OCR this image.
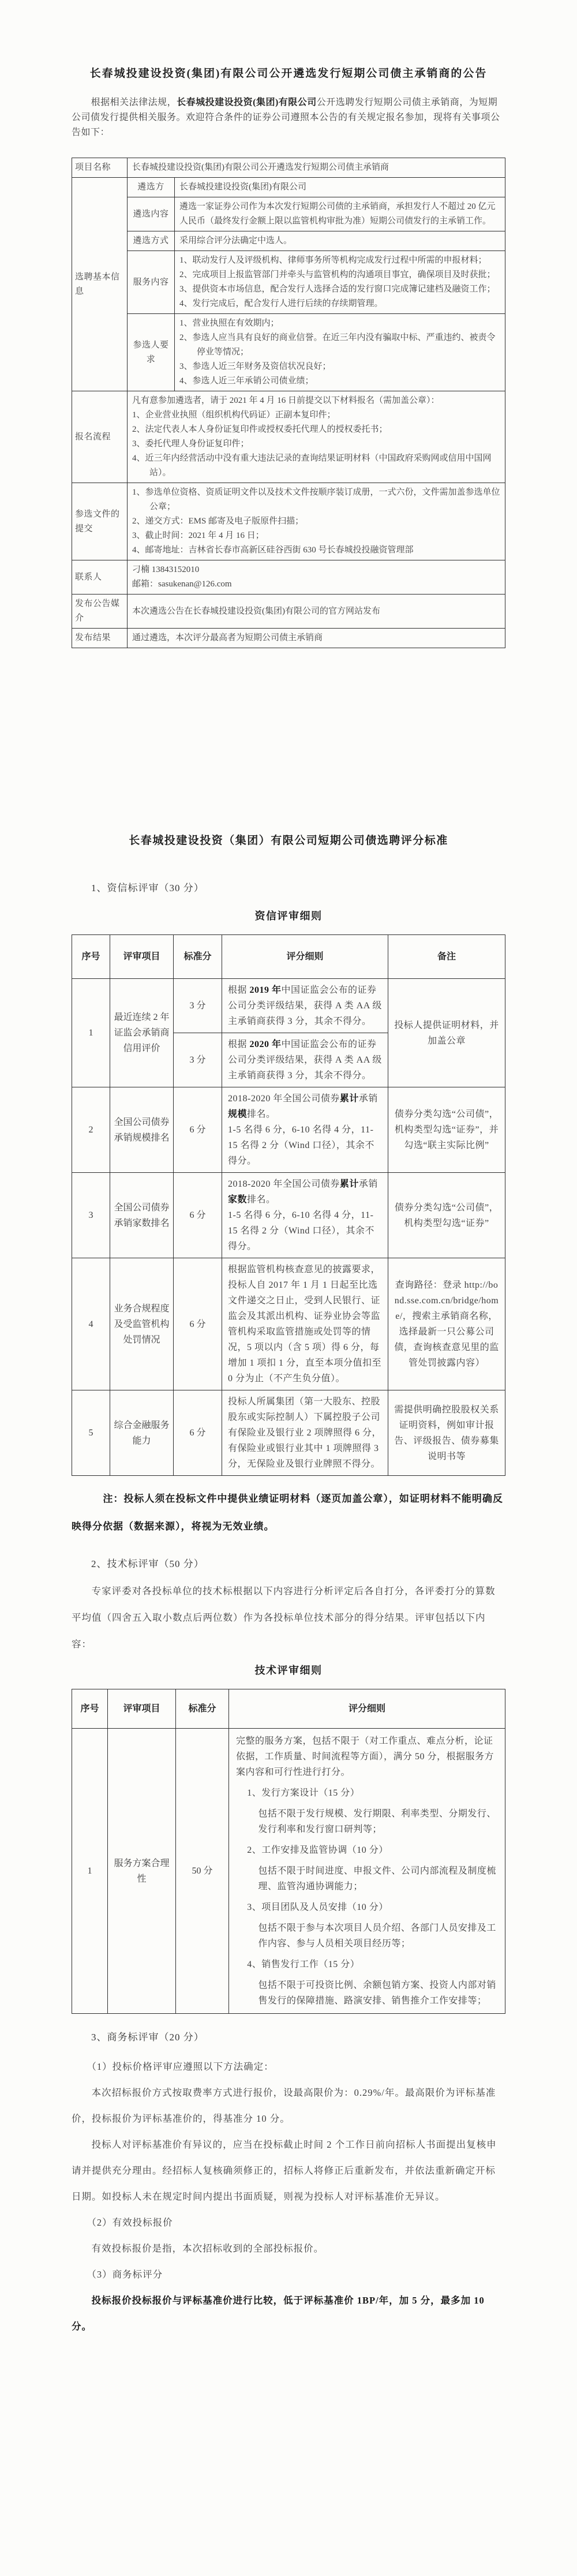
长春城投建设投资(集团)有限公司公开遴选发行短期公司债主承销商的公告

根据相关法律法规，长春城投建设投资(集团)有限公司公开选聘发行短期公司债主承销商，为短期公司债发行提供相关服务。欢迎符合条件的证券公司遵照本公告的有关规定报名参加，现将有关事项公告如下：

项目名称	长春城投建设投资(集团)有限公司公开遴选发行短期公司债主承销商	
选聘基本信息	遴选方	长春城投建设投资(集团)有限公司
	遴选内容	遴选一家证券公司作为本次发行短期公司债的主承销商，承担发行人不超过 20 亿元人民币（最终发行金额上限以监管机构审批为准）短期公司债发行的主承销工作。
	遴选方式	采用综合评分法确定中选人。
	服务内容	1、联动发行人及评级机构、律师事务所等机构完成发行过程中所需的申报材料；
2、完成项目上报监管部门并牵头与监管机构的沟通项目事宜，确保项目及时获批；
3、提供资本市场信息，配合发行人选择合适的发行窗口完成簿记建档及融资工作；
4、发行完成后，配合发行人进行后续的存续期管理。

	参选人要求	1、营业执照在有效期内；
2、参选人应当具有良好的商业信誉。在近三年内没有骗取中标、严重违约、被责令停业等情况；
3、参选人近三年财务及资信状况良好；
4、参选人近三年承销公司债业绩；

报名流程	凡有意参加遴选者，请于 2021 年 4 月 16 日前提交以下材料报名（需加盖公章）：
1、企业营业执照（组织机构代码证）正副本复印件；
2、法定代表人本人身份证复印件或授权委托代理人的授权委托书；
3、委托代理人身份证复印件；
4、近三年内经营活动中没有重大违法记录的查询结果证明材料（中国政府采购网或信用中国网站）。	

参选文件的提交	1、参选单位资格、资质证明文件以及技术文件按顺序装订成册，一式六份，文件需加盖参选单位公章；
2、递交方式：EMS 邮寄及电子版原件扫描；
3、截止时间：2021 年 4 月 16 日；
4、邮寄地址：吉林省长春市高新区硅谷西街 630 号长春城投投融资管理部	

联系人	刁楠 13843152010
邮箱：sasukenan@126.com	

发布公告媒介	本次遴选公告在长春城投建设投资(集团)有限公司的官方网站发布	
发布结果	通过遴选，本次评分最高者为短期公司债主承销商	
长春城投建设投资（集团）有限公司短期公司债选聘评分标准

1、资信标评审（30 分）

资信评审细则

序号	评审项目	标准分	评分细则	备注
1	最近连续 2 年证监会承销商信用评价	3 分	根据 2019 年中国证监会公布的证券公司分类评级结果，获得 A 类 AA 级主承销商获得 3 分，其余不得分。	投标人提供证明材料，并加盖公章
		3 分	根据 2020 年中国证监会公布的证券公司分类评级结果，获得 A 类 AA 级主承销商获得 3 分，其余不得分。	
2	全国公司债券承销规模排名	6 分	2018-2020 年全国公司债券累计承销规模排名。
1-5 名得 6 分，6-10 名得 4 分，11-15 名得 2 分（Wind 口径），其余不得分。	债券分类勾选“公司债”，机构类型勾选“证券”，并勾选“联主实际比例”
3	全国公司债券承销家数排名	6 分	2018-2020 年全国公司债券累计承销家数排名。
1-5 名得 6 分，6-10 名得 4 分，11-15 名得 2 分（Wind 口径），其余不得分。	债券分类勾选“公司债”，机构类型勾选“证券”
4	业务合规程度及受监管机构处罚情况	6 分	根据监管机构核查意见的披露要求，投标人自 2017 年 1 月 1 日起至比选文件递交之日止，受到人民银行、证监会及其派出机构、证券业协会等监管机构采取监管措施或处罚等的情况，5 项以内（含 5 项）得 6 分，每增加 1 项扣 1 分，直至本项分值扣至 0 分为止（不产生负分值）。	查询路径：登录 http://bond.sse.com.cn/bridge/home/，搜索主承销商名称，选择最新一只公募公司债，查询核查意见里的监管处罚披露内容）
5	综合金融服务能力	6 分	投标人所属集团（第一大股东、控股股东或实际控制人）下属控股子公司有保险业及银行业 2 项牌照得 6 分，有保险业或银行业其中 1 项牌照得 3 分，无保险业及银行业牌照不得分。	需提供明确控股股权关系证明资料，例如审计报告、评级报告、债券募集说明书等

注：投标人须在投标文件中提供业绩证明材料（逐页加盖公章），如证明材料不能明确反映得分依据（数据来源），将视为无效业绩。

2、技术标评审（50 分）

专家评委对各投标单位的技术标根据以下内容进行分析评定后各自打分，各评委打分的算数平均值（四舍五入取小数点后两位数）作为各投标单位技术部分的得分结果。评审包括以下内容：

技术评审细则

序号	评审项目	标准分	评分细则
1	服务方案合理性	50 分	
完整的服务方案，包括不限于（对工作重点、难点分析，论证依据，工作质量、时间流程等方面），满分 50 分，根据服务方案内容和可行性进行打分。
1、发行方案设计（15 分）
包括不限于发行规模、发行期限、利率类型、分期发行、发行利率和发行窗口研判等；
2、工作安排及监管协调（10 分）
包括不限于时间进度、申报文件、公司内部流程及制度梳理、监管沟通协调能力；
3、项目团队及人员安排（10 分）
包括不限于参与本次项目人员介绍、各部门人员安排及工作内容、参与人员相关项目经历等；
4、销售发行工作（15 分）
包括不限于可投资比例、余额包销方案、投资人内部对销售发行的保障措施、路演安排、销售推介工作安排等；

3、商务标评审（20 分）

（1）投标价格评审应遵照以下方法确定：

本次招标报价方式按取费率方式进行报价，设最高限价为：0.29%/年。最高限价为评标基准价，投标报价为评标基准价的，得基准分 10 分。

投标人对评标基准价有异议的，应当在投标截止时间 2 个工作日前向招标人书面提出复核申请并提供充分理由。经招标人复核确须修正的，招标人将修正后重新发布，并依法重新确定开标日期。如投标人未在规定时间内提出书面质疑，则视为投标人对评标基准价无异议。

（2）有效投标报价

有效投标报价是指，本次招标收到的全部投标报价。

（3）商务标评分

投标报价投标报价与评标基准价进行比较，低于评标基准价 1BP/年，加 5 分，最多加 10 分。
